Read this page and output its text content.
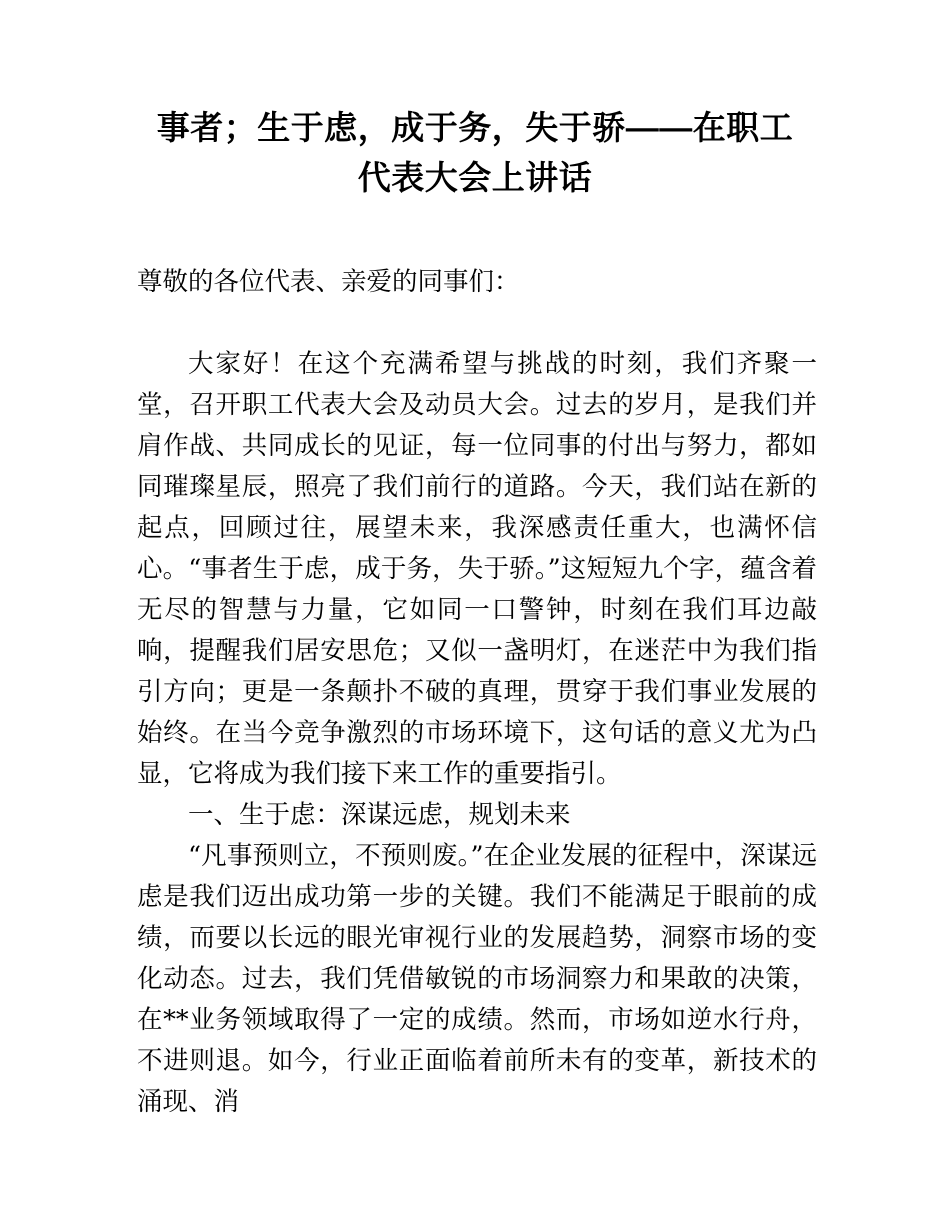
事者；生于虑，成于务，失于骄——在职工代表大会上讲话

尊敬的各位代表、亲爱的同事们：

大家好！在这个充满希望与挑战的时刻，我们齐聚一堂，召开职工代表大会及动员大会。过去的岁月，是我们并肩作战、共同成长的见证，每一位同事的付出与努力，都如同璀璨星辰，照亮了我们前行的道路。今天，我们站在新的起点，回顾过往，展望未来，我深感责任重大，也满怀信心。“事者生于虑，成于务，失于骄。”这短短九个字，蕴含着无尽的智慧与力量，它如同一口警钟，时刻在我们耳边敲响，提醒我们居安思危；又似一盏明灯，在迷茫中为我们指引方向；更是一条颠扑不破的真理，贯穿于我们事业发展的始终。在当今竞争激烈的市场环境下，这句话的意义尤为凸显，它将成为我们接下来工作的重要指引。

一、生于虑：深谋远虑，规划未来

“凡事预则立，不预则废。”在企业发展的征程中，深谋远虑是我们迈出成功第一步的关键。我们不能满足于眼前的成绩，而要以长远的眼光审视行业的发展趋势，洞察市场的变化动态。过去，我们凭借敏锐的市场洞察力和果敢的决策，在**业务领域取得了一定的成绩。然而，市场如逆水行舟，不进则退。如今，行业正面临着前所未有的变革，新技术的涌现、消
